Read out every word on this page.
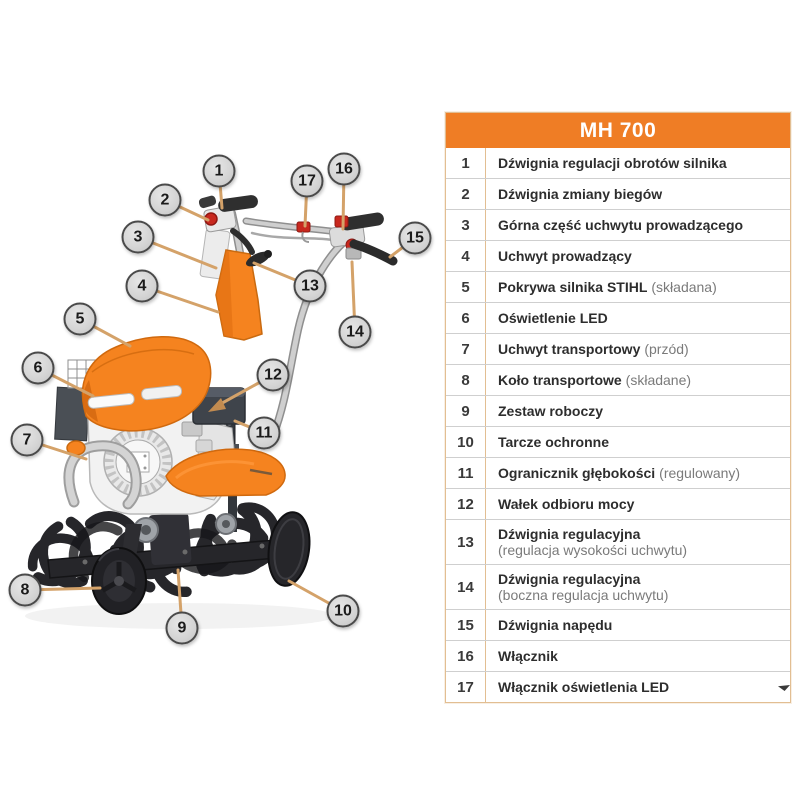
1
2
3
4
5
6
7
8
9
10
11
12
13
14
15
16
17
MH 700
1	Dźwignia regulacji obrotów silnika
2	Dźwignia zmiany biegów
3	Górna część uchwytu prowadzącego
4	Uchwyt prowadzący
5	Pokrywa silnika STIHL (składana)
6	Oświetlenie LED
7	Uchwyt transportowy (przód)
8	Koło transportowe (składane)
9	Zestaw roboczy
10	Tarcze ochronne
11	Ogranicznik głębokości (regulowany)
12	Wałek odbioru mocy
13	Dźwignia regulacyjna
(regulacja wysokości uchwytu)
14	Dźwignia regulacyjna
(boczna regulacja uchwytu)
15	Dźwignia napędu
16	Włącznik
17	Włącznik oświetlenia LED
